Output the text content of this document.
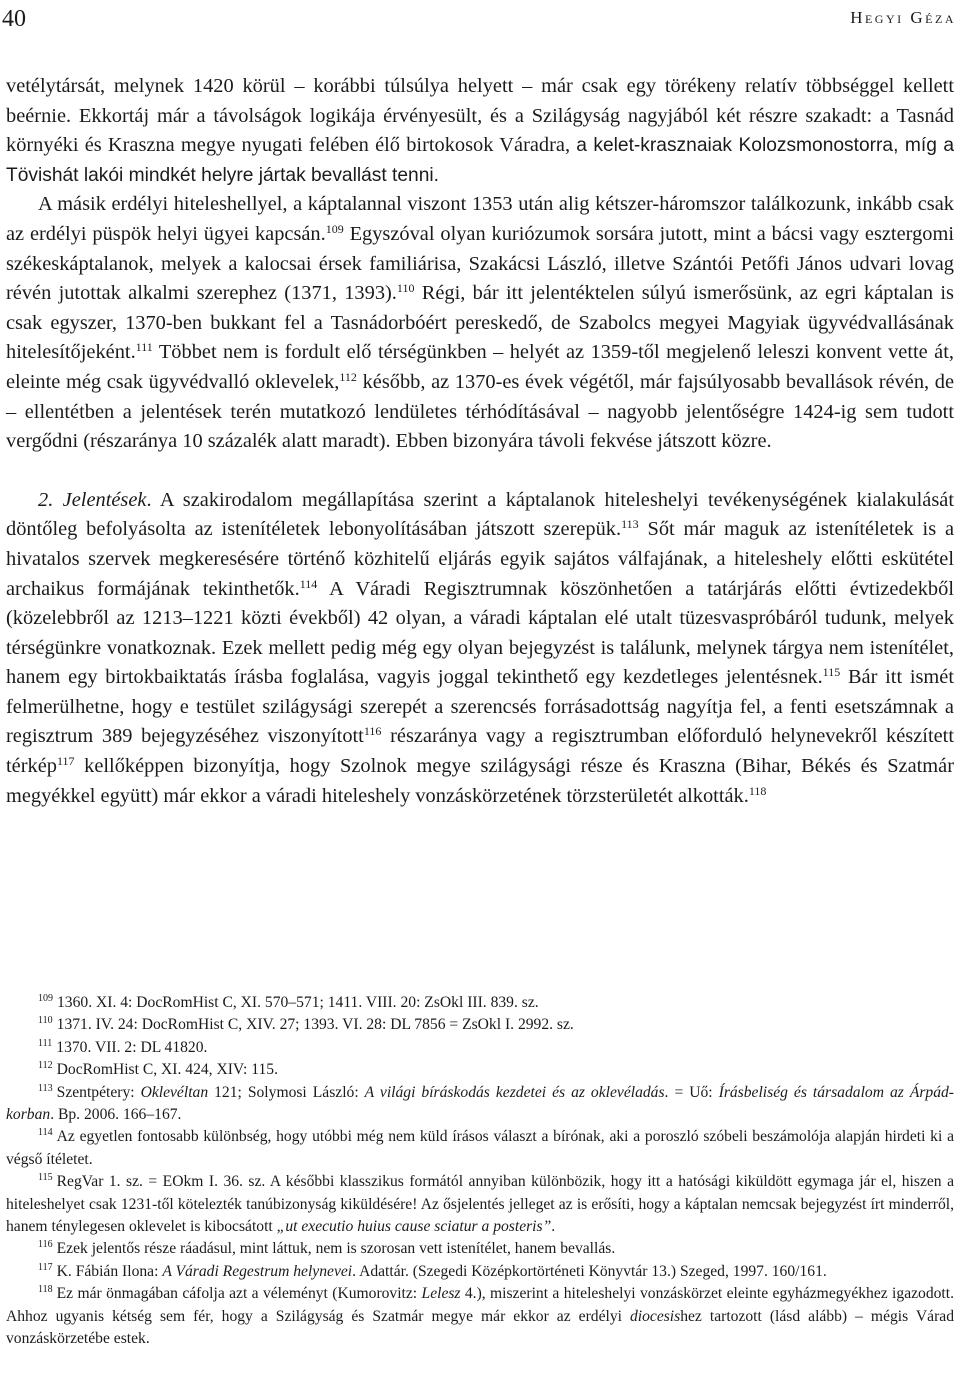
40	Hegyi Géza

vetélytársát, melynek 1420 körül – korábbi túlsúlya helyett – már csak egy törékeny relatív többséggel kellett beérnie. Ekkortáj már a távolságok logikája érvényesült, és a Szilágyság nagyjából két részre szakadt: a Tasnád környéki és Kraszna megye nyugati felében élő birtokosok Váradra, a kelet-krasznaiak Kolozsmonostorra, míg a Tövishát lakói mindkét helyre jártak bevallást tenni.

A másik erdélyi hiteleshellyel, a káptalannal viszont 1353 után alig kétszer-háromszor találkozunk, inkább csak az erdélyi püspök helyi ügyei kapcsán.$^{109}$ Egyszóval olyan kuriózumok sorsára jutott, mint a bácsi vagy esztergomi székeskáptalanok, melyek a kalocsai érsek familiárisa, Szakácsi László, illetve Szántói Petőfi János udvari lovag révén jutottak alkalmi szerephez (1371, 1393).$^{110}$ Régi, bár itt jelentéktelen súlyú ismerősünk, az egri káptalan is csak egyszer, 1370-ben bukkant fel a Tasnádorbóért pereskedő, de Szabolcs megyei Magyiak ügyvédvallásának hitelesítőjeként.$^{111}$ Többet nem is fordult elő térségünkben – helyét az 1359-től megjelenő leleszi konvent vette át, eleinte még csak ügyvédvalló oklevelek,$^{112}$ később, az 1370-es évek végétől, már fajsúlyosabb bevallások révén, de – ellentétben a jelentések terén mutatkozó lendületes térhódításával – nagyobb jelentőségre 1424-ig sem tudott vergődni (részaránya 10 százalék alatt maradt). Ebben bizonyára távoli fekvése játszott közre.

2. Jelentések. A szakirodalom megállapítása szerint a káptalanok hiteleshelyi tevékenységének kialakulását döntőleg befolyásolta az istenítéletek lebonyolításában játszott szerepük.$^{113}$ Sőt már maguk az istenítéletek is a hivatalos szervek megkeresésére történő közhitelű eljárás egyik sajátos válfajának, a hiteleshely előtti eskütétel archaikus formájának tekinthetők.$^{114}$ A Váradi Regisztrumnak köszönhetően a tatárjárás előtti évtizedekből (közelebbről az 1213–1221 közti évekből) 42 olyan, a váradi káptalan elé utalt tüzesvaspróbáról tudunk, melyek térségünkre vonatkoznak. Ezek mellett pedig még egy olyan bejegyzést is találunk, melynek tárgya nem istenítélet, hanem egy birtokbaiktatás írásba foglalása, vagyis joggal tekinthető egy kezdetleges jelentésnek.$^{115}$ Bár itt ismét felmerülhetne, hogy e testület szilágysági szerepét a szerencsés forrásadottság nagyítja fel, a fenti esetszámnak a regisztrum 389 bejegyzéséhez viszonyított$^{116}$ részaránya vagy a regisztrumban előforduló helynevekről készített térkép$^{117}$ kellőképpen bizonyítja, hogy Szolnok megye szilágysági része és Kraszna (Bihar, Békés és Szatmár megyékkel együtt) már ekkor a váradi hiteleshely vonzáskörzetének törzsterületét alkották.$^{118}$

$^{109}$ 1360. XI. 4: DocRomHist C, XI. 570–571; 1411. VIII. 20: ZsOkl III. 839. sz.

$^{110}$ 1371. IV. 24: DocRomHist C, XIV. 27; 1393. VI. 28: DL 7856 = ZsOkl I. 2992. sz.

$^{111}$ 1370. VII. 2: DL 41820.

$^{112}$ DocRomHist C, XI. 424, XIV: 115.

$^{113}$ Szentpétery: Oklevéltan 121; Solymosi László: A világi bíráskodás kezdetei és az oklevéladás. = Uő: Írásbeliség és társadalom az Árpád-korban. Bp. 2006. 166–167.

$^{114}$ Az egyetlen fontosabb különbség, hogy utóbbi még nem küld írásos választ a bírónak, aki a poroszló szóbeli beszámolója alapján hirdeti ki a végső ítéletet.

$^{115}$ RegVar 1. sz. = EOkm I. 36. sz. A későbbi klasszikus formától annyiban különbözik, hogy itt a hatósági kiküldött egymaga jár el, hiszen a hiteleshelyet csak 1231-től kötelezték tanúbizonyság kiküldésére! Az ősjelentés jelleget az is erősíti, hogy a káptalan nemcsak bejegyzést írt minderről, hanem ténylegesen oklevelet is kibocsátott „ut executio huius cause sciatur a posteris”.

$^{116}$ Ezek jelentős része ráadásul, mint láttuk, nem is szorosan vett istenítélet, hanem bevallás.

$^{117}$ K. Fábián Ilona: A Váradi Regestrum helynevei. Adattár. (Szegedi Középkortörténeti Könyvtár 13.) Szeged, 1997. 160/161.

$^{118}$ Ez már önmagában cáfolja azt a véleményt (Kumorovitz: Lelesz 4.), miszerint a hiteleshelyi vonzáskörzet eleinte egyházmegyékhez igazodott. Ahhoz ugyanis kétség sem fér, hogy a Szilágyság és Szatmár megye már ekkor az erdélyi diocesishez tartozott (lásd alább) – mégis Várad vonzáskörzetébe estek.
